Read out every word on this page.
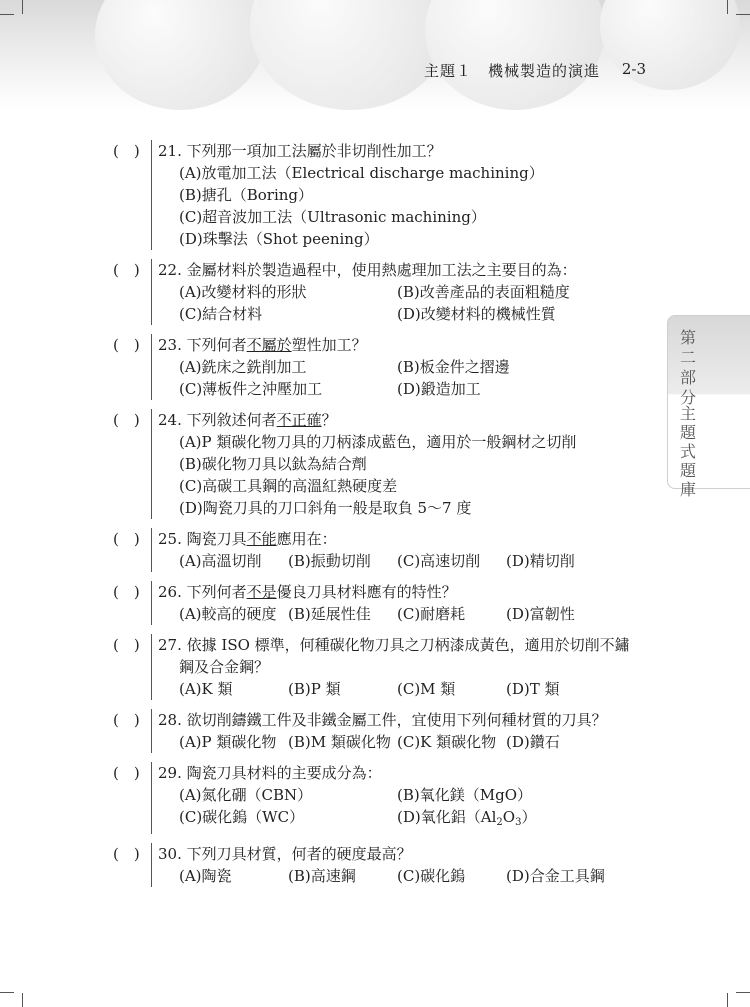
主題１　機械製造的演進 2-3
第二部分
主題式題庫
(　)	21. 下列那一項加工法屬於非切削性加工？
(A)放電加工法（Electrical discharge machining）
(B)搪孔（Boring）
(C)超音波加工法（Ultrasonic machining）
(D)珠擊法（Shot peening）
(　)	22. 金屬材料於製造過程中，使用熱處理加工法之主要目的為：
(A)改變材料的形狀	(B)改善產品的表面粗糙度
(C)結合材料	(D)改變材料的機械性質
(　)	23. 下列何者不屬於塑性加工？
(A)銑床之銑削加工	(B)板金件之摺邊
(C)薄板件之沖壓加工	(D)鍛造加工
(　)	24. 下列敘述何者不正確？
(A)P 類碳化物刀具的刀柄漆成藍色，適用於一般鋼材之切削
(B)碳化物刀具以鈦為結合劑
(C)高碳工具鋼的高溫紅熱硬度差
(D)陶瓷刀具的刀口斜角一般是取負 5～7 度
(　)	25. 陶瓷刀具不能應用在：
(A)高溫切削	(B)振動切削	(C)高速切削	(D)精切削
(　)	26. 下列何者不是優良刀具材料應有的特性？
(A)較高的硬度 (B)延展性佳	(C)耐磨耗	(D)富韌性
(　)	27. 依據 ISO 標準，何種碳化物刀具之刀柄漆成黃色，適用於切削不鏽
鋼及合金鋼？
(A)K 類	(B)P 類	(C)M 類	(D)T 類
(　)	28. 欲切削鑄鐵工件及非鐵金屬工件，宜使用下列何種材質的刀具？
(A)P 類碳化物 (B)M 類碳化物 (C)K 類碳化物 (D)鑽石
(　)	29. 陶瓷刀具材料的主要成分為：
(A)氮化硼（CBN）	(B)氧化鎂（MgO）
(C)碳化鎢（WC）	(D)氧化鋁$(Al_2O_3)$
(　)	30. 下列刀具材質，何者的硬度最高？
(A)陶瓷	(B)高速鋼	(C)碳化鎢	(D)合金工具鋼
